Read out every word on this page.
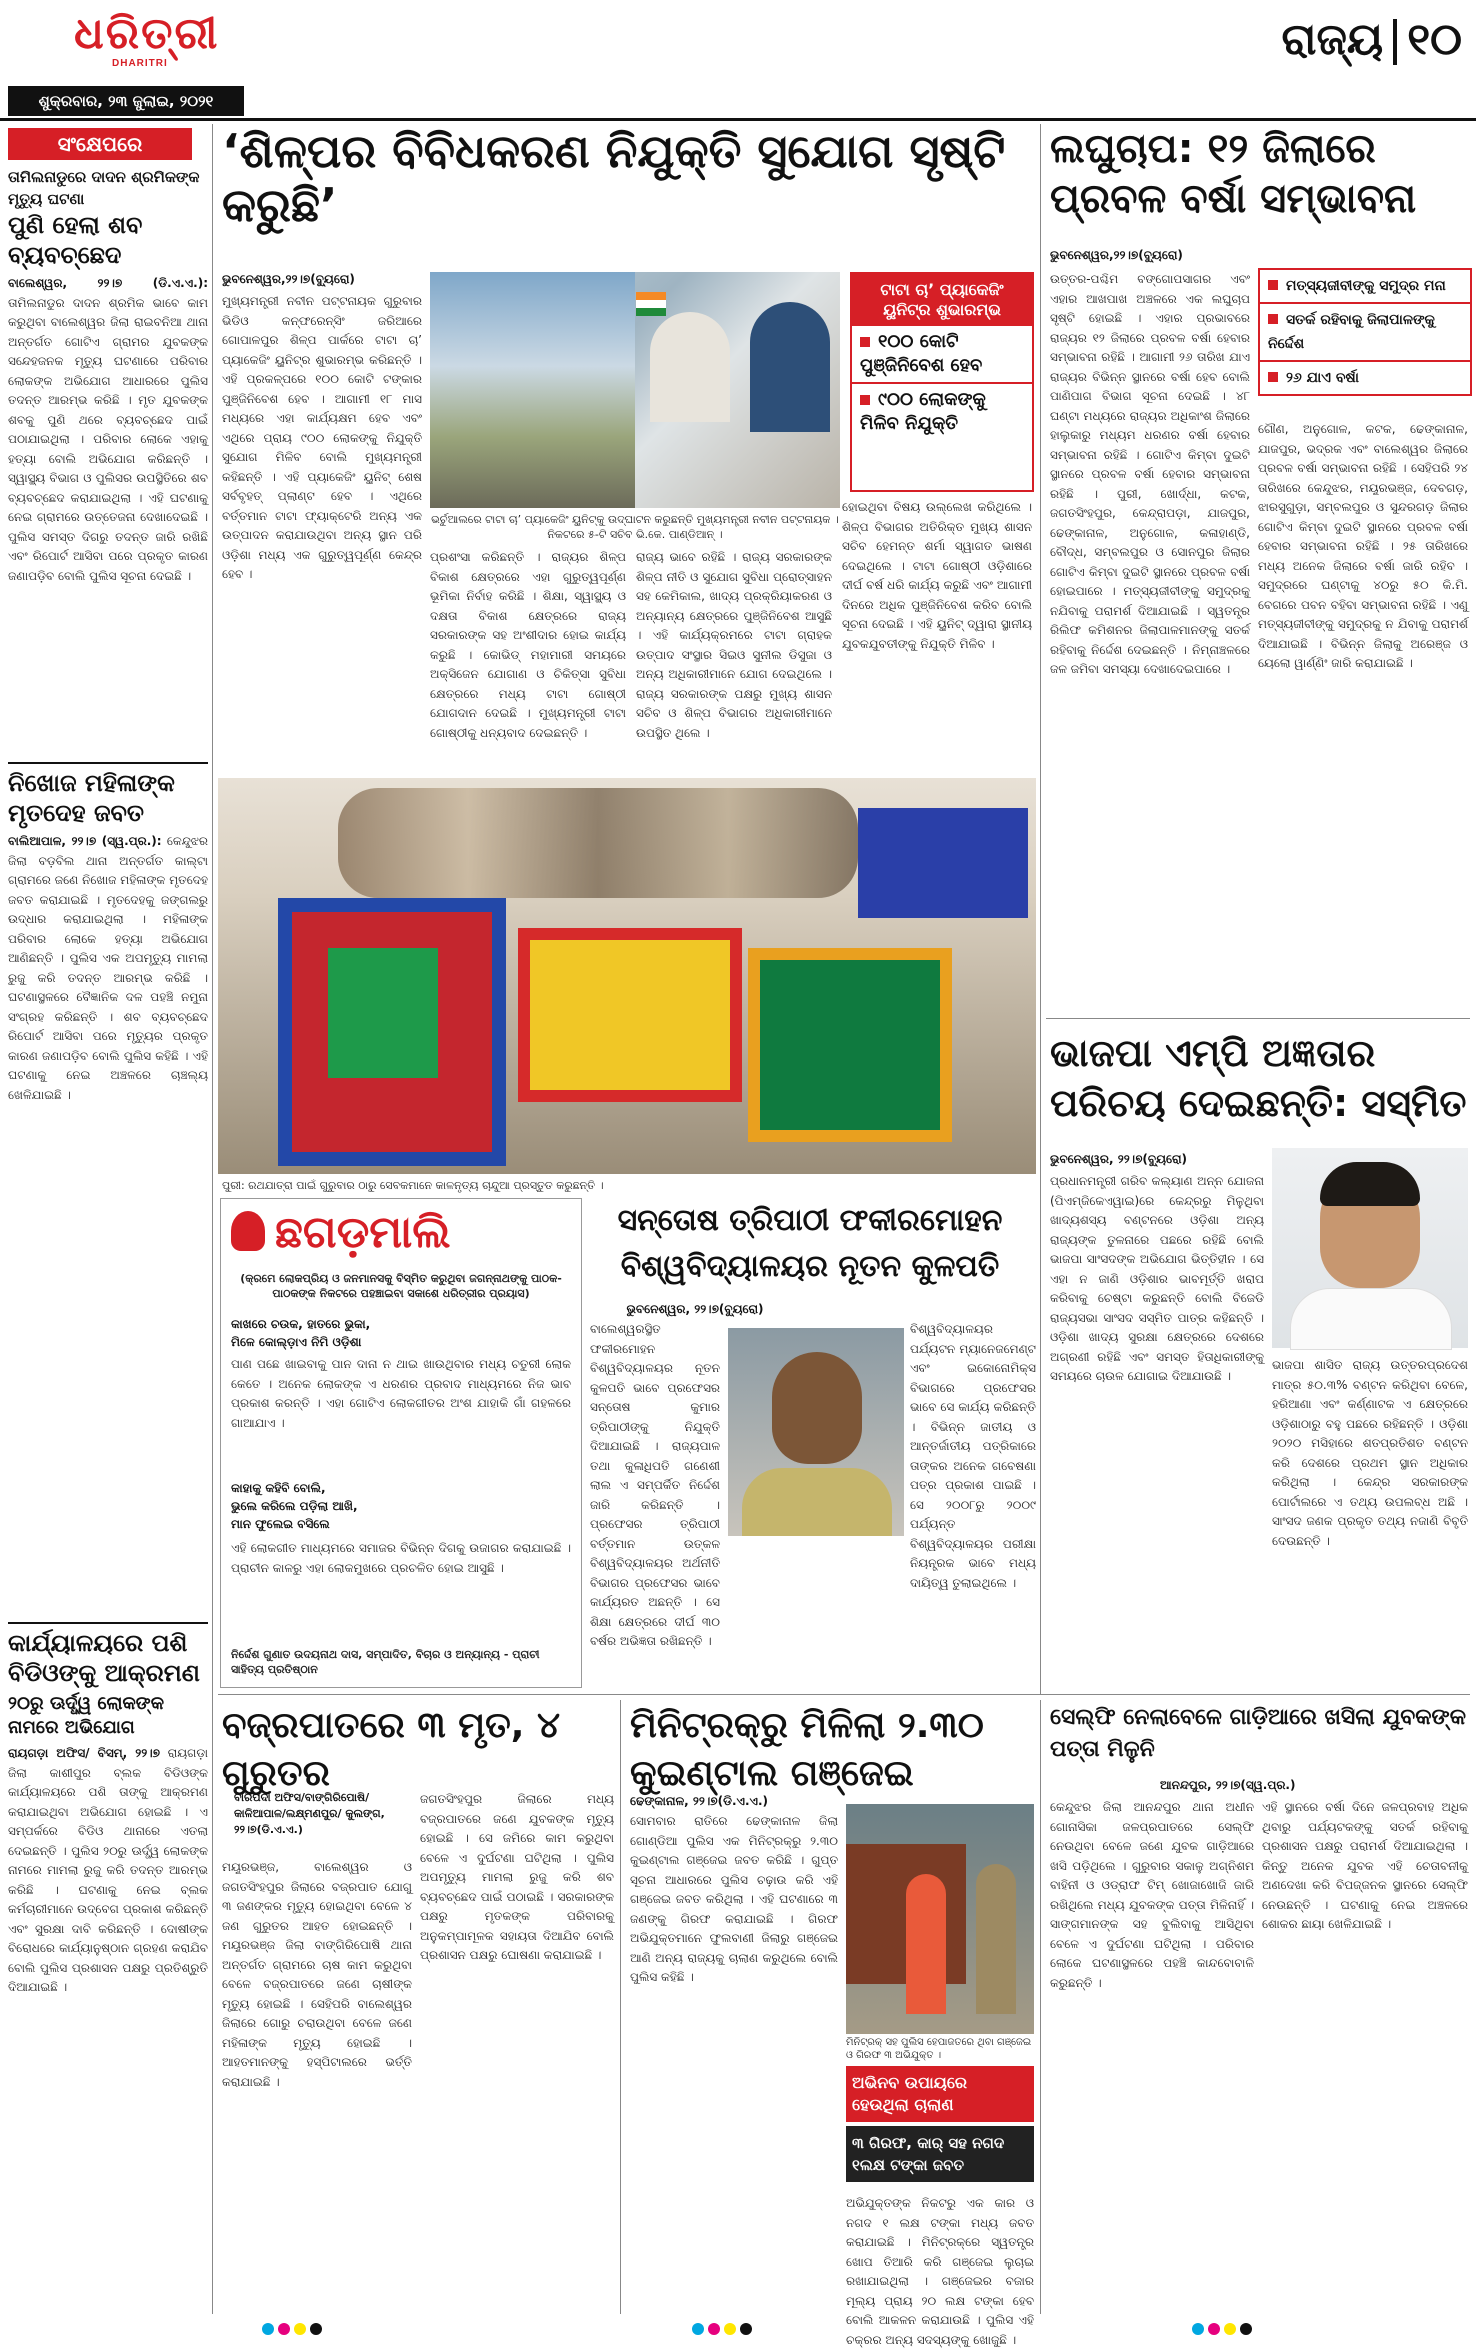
ଧରିତ୍ରୀ
DHARITRI
ଶୁକ୍ରବାର, ୨୩ ଜୁଲାଇ, ୨୦୨୧
ରାଜ୍ୟ ୧୦
ସଂକ୍ଷେପରେ
ତାମିଲନାଡୁରେ ଦାଦନ ଶ୍ରମିକଙ୍କ ମୃତ୍ୟୁ ଘଟଣା
ପୁଣି ହେଲା ଶବ ବ୍ୟବଚ୍ଛେଦ
ବାଲେଶ୍ୱର, ୨୨।୭ (ଡି.ଏ.ଏ.): ତାମିଲନାଡୁର ଦାଦନ ଶ୍ରମିକ ଭାବେ କାମ କରୁଥିବା ବାଲେଶ୍ୱର ଜିଲା ରାଇବନିଆ ଥାନା ଅନ୍ତର୍ଗତ ଗୋଟିଏ ଗ୍ରାମର ଯୁବକଙ୍କ ସନ୍ଦେହଜନକ ମୃତ୍ୟୁ ଘଟଣାରେ ପରିବାର ଲୋକଙ୍କ ଅଭିଯୋଗ ଆଧାରରେ ପୁଲିସ ତଦନ୍ତ ଆରମ୍ଭ କରିଛି । ମୃତ ଯୁବକଙ୍କ ଶବକୁ ପୁଣି ଥରେ ବ୍ୟବଚ୍ଛେଦ ପାଇଁ ପଠାଯାଇଥିଲା । ପରିବାର ଲୋକେ ଏହାକୁ ହତ୍ୟା ବୋଲି ଅଭିଯୋଗ କରିଛନ୍ତି । ସ୍ୱାସ୍ଥ୍ୟ ବିଭାଗ ଓ ପୁଲିସର ଉପସ୍ଥିତିରେ ଶବ ବ୍ୟବଚ୍ଛେଦ କରାଯାଇଥିଲା । ଏହି ଘଟଣାକୁ ନେଇ ଗ୍ରାମରେ ଉତ୍ତେଜନା ଦେଖାଦେଇଛି । ପୁଲିସ ସମସ୍ତ ଦିଗରୁ ତଦନ୍ତ ଜାରି ରଖିଛି ଏବଂ ରିପୋର୍ଟ ଆସିବା ପରେ ପ୍ରକୃତ କାରଣ ଜଣାପଡ଼ିବ ବୋଲି ପୁଲିସ ସୂଚନା ଦେଇଛି ।
ନିଖୋଜ ମହିଳାଙ୍କ ମୃତଦେହ ଜବତ
ବାଲିଆପାଳ, ୨୨।୭ (ସ୍ୱ.ପ୍ର.): କେନ୍ଦୁଝର ଜିଲା ବଡ଼ବିଲ ଥାନା ଅନ୍ତର୍ଗତ କାଲ୍ଟା ଗ୍ରାମରେ ଜଣେ ନିଖୋଜ ମହିଳାଙ୍କ ମୃତଦେହ ଜବତ କରାଯାଇଛି । ମୃତଦେହକୁ ଜଙ୍ଗଲରୁ ଉଦ୍ଧାର କରାଯାଇଥିଲା । ମହିଳାଙ୍କ ପରିବାର ଲୋକେ ହତ୍ୟା ଅଭିଯୋଗ ଆଣିଛନ୍ତି । ପୁଲିସ ଏକ ଅପମୃତ୍ୟୁ ମାମଲା ରୁଜୁ କରି ତଦନ୍ତ ଆରମ୍ଭ କରିଛି । ଘଟଣାସ୍ଥଳରେ ବୈଜ୍ଞାନିକ ଦଳ ପହଞ୍ଚି ନମୁନା ସଂଗ୍ରହ କରିଛନ୍ତି । ଶବ ବ୍ୟବଚ୍ଛେଦ ରିପୋର୍ଟ ଆସିବା ପରେ ମୃତ୍ୟୁର ପ୍ରକୃତ କାରଣ ଜଣାପଡ଼ିବ ବୋଲି ପୁଲିସ କହିଛି । ଏହି ଘଟଣାକୁ ନେଇ ଅଞ୍ଚଳରେ ଚାଞ୍ଚଲ୍ୟ ଖେଳିଯାଇଛି ।
କାର୍ଯ୍ୟାଳୟରେ ପଶି ବିଡିଓଙ୍କୁ ଆକ୍ରମଣ
୨୦ରୁ ଊର୍ଦ୍ଧ୍ୱ ଲୋକଙ୍କ ନାମରେ ଅଭିଯୋଗ
ରାୟଗଡ଼ା ଅଫିସ/ ବିସମ୍, ୨୨।୭ ରାୟଗଡ଼ା ଜିଲା କାଶୀପୁର ବ୍ଲକ ବିଡିଓଙ୍କ କାର୍ଯ୍ୟାଳୟରେ ପଶି ତାଙ୍କୁ ଆକ୍ରମଣ କରାଯାଇଥିବା ଅଭିଯୋଗ ହୋଇଛି । ଏ ସମ୍ପର୍କରେ ବିଡିଓ ଥାନାରେ ଏତଲା ଦେଇଛନ୍ତି । ପୁଲିସ ୨୦ରୁ ଊର୍ଦ୍ଧ୍ୱ ଲୋକଙ୍କ ନାମରେ ମାମଲା ରୁଜୁ କରି ତଦନ୍ତ ଆରମ୍ଭ କରିଛି । ଘଟଣାକୁ ନେଇ ବ୍ଲକ କର୍ମଚାରୀମାନେ ଉଦ୍‌ବେଗ ପ୍ରକାଶ କରିଛନ୍ତି ଏବଂ ସୁରକ୍ଷା ଦାବି କରିଛନ୍ତି । ଦୋଷୀଙ୍କ ବିରୋଧରେ କାର୍ଯ୍ୟାନୁଷ୍ଠାନ ଗ୍ରହଣ କରାଯିବ ବୋଲି ପୁଲିସ ପ୍ରଶାସନ ପକ୍ଷରୁ ପ୍ରତିଶ୍ରୁତି ଦିଆଯାଇଛି ।
‘ଶିଳ୍ପର ବିବିଧକରଣ ନିଯୁକ୍ତି ସୁଯୋଗ ସୃଷ୍ଟି କରୁଛି’
ଭୁବନେଶ୍ୱର,୨୨।୭(ବ୍ୟୁରୋ)
ଭର୍ଚୁଆଲରେ ଟାଟା ଚା’ ପ୍ୟାକେଜିଂ ୟୁନିଟ୍‌କୁ ଉଦ୍‌ଘାଟନ କରୁଛନ୍ତି ମୁଖ୍ୟମନ୍ତ୍ରୀ ନବୀନ ପଟ୍ଟନାୟକ । ନିକଟରେ ୫-ଟି ସଚିବ ଭି.କେ. ପାଣ୍ଡିଆନ୍ ।
ଟାଟା ଚା’ ପ୍ୟାକେଜିଂ ୟୁନିଟ୍‌ର ଶୁଭାରମ୍ଭ
୧୦୦ କୋଟି ପୁଞ୍ଜିନିବେଶ ହେବ
୯୦୦ ଲୋକଙ୍କୁ ମିଳିବ ନିଯୁକ୍ତି
ମୁଖ୍ୟମନ୍ତ୍ରୀ ନବୀନ ପଟ୍ଟନାୟକ ଗୁରୁବାର ଭିଡିଓ କନ୍‌ଫରେନ୍ସିଂ ଜରିଆରେ ଗୋପାଳପୁର ଶିଳ୍ପ ପାର୍କରେ ଟାଟା ଚା’ ପ୍ୟାକେଜିଂ ୟୁନିଟ୍‌ର ଶୁଭାରମ୍ଭ କରିଛନ୍ତି । ଏହି ପ୍ରକଳ୍ପରେ ୧୦୦ କୋଟି ଟଙ୍କାର ପୁଞ୍ଜିନିବେଶ ହେବ । ଆଗାମୀ ୧୮ ମାସ ମଧ୍ୟରେ ଏହା କାର୍ଯ୍ୟକ୍ଷମ ହେବ ଏବଂ ଏଥିରେ ପ୍ରାୟ ୯୦୦ ଲୋକଙ୍କୁ ନିଯୁକ୍ତି ସୁଯୋଗ ମିଳିବ ବୋଲି ମୁଖ୍ୟମନ୍ତ୍ରୀ କହିଛନ୍ତି । ଏହି ପ୍ୟାକେଜିଂ ୟୁନିଟ୍ ଶେଷ ସର୍ବବୃହତ୍ ପ୍ଲାଣ୍ଟ ହେବ । ଏଥିରେ ବର୍ତ୍ତମାନ ଟାଟା ଫ୍ୟାକ୍ଟେରି ଅନ୍ୟ ଏକ ଉତ୍ପାଦନ କରାଯାଉଥିବା ଅନ୍ୟ ସ୍ଥାନ ପରି ଓଡ଼ିଶା ମଧ୍ୟ ଏକ ଗୁରୁତ୍ୱପୂର୍ଣ୍ଣ କେନ୍ଦ୍ର ହେବ ।
ପ୍ରଶଂସା କରିଛନ୍ତି । ରାଜ୍ୟର ଶିଳ୍ପ ବିକାଶ କ୍ଷେତ୍ରରେ ଏହା ଗୁରୁତ୍ୱପୂର୍ଣ୍ଣ ଭୂମିକା ନିର୍ବାହ କରିଛି । ଶିକ୍ଷା, ସ୍ୱାସ୍ଥ୍ୟ ଓ ଦକ୍ଷତା ବିକାଶ କ୍ଷେତ୍ରରେ ରାଜ୍ୟ ସରକାରଙ୍କ ସହ ଅଂଶୀଦାର ହୋଇ କାର୍ଯ୍ୟ କରୁଛି । କୋଭିଡ୍ ମହାମାରୀ ସମୟରେ ଅକ୍ସିଜେନ ଯୋଗାଣ ଓ ଚିକିତ୍ସା ସୁବିଧା କ୍ଷେତ୍ରରେ ମଧ୍ୟ ଟାଟା ଗୋଷ୍ଠୀ ଯୋଗଦାନ ଦେଇଛି । ମୁଖ୍ୟମନ୍ତ୍ରୀ ଟାଟା ଗୋଷ୍ଠୀକୁ ଧନ୍ୟବାଦ ଦେଇଛନ୍ତି ।
ରାଜ୍ୟ ଭାବେ ରହିଛି । ରାଜ୍ୟ ସରକାରଙ୍କ ଶିଳ୍ପ ନୀତି ଓ ସୁଯୋଗ ସୁବିଧା ପ୍ରୋତ୍ସାହନ ସହ କେମିକାଲ, ଖାଦ୍ୟ ପ୍ରକ୍ରିୟାକରଣ ଓ ଅନ୍ୟାନ୍ୟ କ୍ଷେତ୍ରରେ ପୁଞ୍ଜିନିବେଶ ଆସୁଛି । ଏହି କାର୍ଯ୍ୟକ୍ରମରେ ଟାଟା ଗ୍ରାହକ ଉତ୍ପାଦ ସଂସ୍ଥାର ସିଇଓ ସୁନୀଲ ଡିସୁଜା ଓ ଅନ୍ୟ ଅଧିକାରୀମାନେ ଯୋଗ ଦେଇଥିଲେ । ରାଜ୍ୟ ସରକାରଙ୍କ ପକ୍ଷରୁ ମୁଖ୍ୟ ଶାସନ ସଚିବ ଓ ଶିଳ୍ପ ବିଭାଗର ଅଧିକାରୀମାନେ ଉପସ୍ଥିତ ଥିଲେ ।
ହୋଇଥିବା ବିଷୟ ଉଲ୍ଲେଖ କରିଥିଲେ । ଶିଳ୍ପ ବିଭାଗର ଅତିରିକ୍ତ ମୁଖ୍ୟ ଶାସନ ସଚିବ ହେମନ୍ତ ଶର୍ମା ସ୍ୱାଗତ ଭାଷଣ ଦେଇଥିଲେ । ଟାଟା ଗୋଷ୍ଠୀ ଓଡ଼ିଶାରେ ଦୀର୍ଘ ବର୍ଷ ଧରି କାର୍ଯ୍ୟ କରୁଛି ଏବଂ ଆଗାମୀ ଦିନରେ ଅଧିକ ପୁଞ୍ଜିନିବେଶ କରିବ ବୋଲି ସୂଚନା ଦେଇଛି । ଏହି ୟୁନିଟ୍ ଦ୍ୱାରା ସ୍ଥାନୀୟ ଯୁବକଯୁବତୀଙ୍କୁ ନିଯୁକ୍ତି ମିଳିବ ।
ପୁରୀ: ରଥଯାତ୍ରା ପାଇଁ ଗୁରୁବାର ଠାରୁ ସେବକମାନେ କାଳନୃତ୍ୟ ଚାନ୍ଦୁଆ ପ୍ରସ୍ତୁତ କରୁଛନ୍ତି ।
ଲଘୁଚାପ: ୧୨ ଜିଲାରେ ପ୍ରବଳ ବର୍ଷା ସମ୍ଭାବନା
ଭୁବନେଶ୍ୱର,୨୨।୭(ବ୍ୟୁରୋ)
ମତ୍ସ୍ୟଜୀବୀଙ୍କୁ ସମୁଦ୍ର ମନା
ସତର୍କ ରହିବାକୁ ଜିଲାପାଳଙ୍କୁ ନିର୍ଦ୍ଦେଶ
୨୬ ଯାଏ ବର୍ଷା
ଉତ୍ତର-ପଶ୍ଚିମ ବଙ୍ଗୋପସାଗର ଏବଂ ଏହାର ଆଖପାଖ ଅଞ୍ଚଳରେ ଏକ ଲଘୁଚାପ ସୃଷ୍ଟି ହୋଇଛି । ଏହାର ପ୍ରଭାବରେ ରାଜ୍ୟର ୧୨ ଜିଲାରେ ପ୍ରବଳ ବର୍ଷା ହେବାର ସମ୍ଭାବନା ରହିଛି । ଆଗାମୀ ୨୬ ତାରିଖ ଯାଏ ରାଜ୍ୟର ବିଭିନ୍ନ ସ୍ଥାନରେ ବର୍ଷା ହେବ ବୋଲି ପାଣିପାଗ ବିଭାଗ ସୂଚନା ଦେଇଛି । ୪୮ ଘଣ୍ଟା ମଧ୍ୟରେ ରାଜ୍ୟର ଅଧିକାଂଶ ଜିଲାରେ ହାଲୁକାରୁ ମଧ୍ୟମ ଧରଣର ବର୍ଷା ହେବାର ସମ୍ଭାବନା ରହିଛି । ଗୋଟିଏ କିମ୍ବା ଦୁଇଟି ସ୍ଥାନରେ ପ୍ରବଳ ବର୍ଷା ହେବାର ସମ୍ଭାବନା ରହିଛି । ପୁରୀ, ଖୋର୍ଦ୍ଧା, କଟକ, ଜଗତସିଂହପୁର, କେନ୍ଦ୍ରାପଡ଼ା, ଯାଜପୁର, ଢେଙ୍କାନାଳ, ଅନୁଗୋଳ, କଳାହାଣ୍ଡି, ବୌଦ୍ଧ, ସମ୍ବଲପୁର ଓ ସୋନପୁର ଜିଲାର ଗୋଟିଏ କିମ୍ବା ଦୁଇଟି ସ୍ଥାନରେ ପ୍ରବଳ ବର୍ଷା ହୋଇପାରେ । ମତ୍ସ୍ୟଜୀବୀଙ୍କୁ ସମୁଦ୍ରକୁ ନଯିବାକୁ ପରାମର୍ଶ ଦିଆଯାଇଛି । ସ୍ୱତନ୍ତ୍ର ରିଲିଫ କମିଶନର ଜିଲାପାଳମାନଙ୍କୁ ସତର୍କ ରହିବାକୁ ନିର୍ଦ୍ଦେଶ ଦେଇଛନ୍ତି । ନିମ୍ନାଞ୍ଚଳରେ ଜଳ ଜମିବା ସମସ୍ୟା ଦେଖାଦେଇପାରେ ।
ଗୌଣ, ଅନୁଗୋଳ, କଟକ, ଢେଙ୍କାନାଳ, ଯାଜପୁର, ଭଦ୍ରକ ଏବଂ ବାଲେଶ୍ୱର ଜିଲାରେ ପ୍ରବଳ ବର୍ଷା ସମ୍ଭାବନା ରହିଛି । ସେହିପରି ୨୪ ତାରିଖରେ କେନ୍ଦୁଝର, ମୟୂରଭଞ୍ଜ, ଦେବଗଡ଼, ଝାରସୁଗୁଡ଼ା, ସମ୍ବଲପୁର ଓ ସୁନ୍ଦରଗଡ଼ ଜିଲାର ଗୋଟିଏ କିମ୍ବା ଦୁଇଟି ସ୍ଥାନରେ ପ୍ରବଳ ବର୍ଷା ହେବାର ସମ୍ଭାବନା ରହିଛି । ୨୫ ତାରିଖରେ ମଧ୍ୟ ଅନେକ ଜିଲାରେ ବର୍ଷା ଜାରି ରହିବ । ସମୁଦ୍ରରେ ଘଣ୍ଟାକୁ ୪୦ରୁ ୫୦ କି.ମି. ବେଗରେ ପବନ ବହିବା ସମ୍ଭାବନା ରହିଛି । ଏଣୁ ମତ୍ସ୍ୟଜୀବୀଙ୍କୁ ସମୁଦ୍ରକୁ ନ ଯିବାକୁ ପରାମର୍ଶ ଦିଆଯାଇଛି । ବିଭିନ୍ନ ଜିଲାକୁ ଅରେଞ୍ଜ ଓ ୟେଲୋ ୱାର୍ଣ୍ଣିଂ ଜାରି କରାଯାଇଛି ।
ଭାଜପା ଏମ୍ପି ଅଜ୍ଞତାର ପରିଚୟ ଦେଇଛନ୍ତି: ସସ୍ମିତ
ଭୁବନେଶ୍ୱର, ୨୨।୭(ବ୍ୟୁରୋ)
ପ୍ରଧାନମନ୍ତ୍ରୀ ଗରିବ କଲ୍ୟାଣ ଅନ୍ନ ଯୋଜନା (ପିଏମ୍‌ଜିକେଏୱାଇ)ରେ କେନ୍ଦ୍ରରୁ ମିଳୁଥିବା ଖାଦ୍ୟଶସ୍ୟ ବଣ୍ଟନରେ ଓଡ଼ିଶା ଅନ୍ୟ ରାଜ୍ୟଙ୍କ ତୁଳନାରେ ପଛରେ ରହିଛି ବୋଲି ଭାଜପା ସାଂସଦଙ୍କ ଅଭିଯୋଗ ଭିତ୍ତିହୀନ । ସେ ଏହା ନ ଜାଣି ଓଡ଼ିଶାର ଭାବମୂର୍ତ୍ତି ଖରାପ କରିବାକୁ ଚେଷ୍ଟା କରୁଛନ୍ତି ବୋଲି ବିଜେଡି ରାଜ୍ୟସଭା ସାଂସଦ ସସ୍ମିତ ପାତ୍ର କହିଛନ୍ତି । ଓଡ଼ିଶା ଖାଦ୍ୟ ସୁରକ୍ଷା କ୍ଷେତ୍ରରେ ଦେଶରେ ଅଗ୍ରଣୀ ରହିଛି ଏବଂ ସମସ୍ତ ହିତାଧିକାରୀଙ୍କୁ ସମୟରେ ଚାଉଳ ଯୋଗାଇ ଦିଆଯାଉଛି ।
ଭାଜପା ଶାସିତ ରାଜ୍ୟ ଉତ୍ତରପ୍ରଦେଶ ମାତ୍ର ୫୦.୩% ବଣ୍ଟନ କରିଥିବା ବେଳେ, ହରିଆଣା ଏବଂ କର୍ଣ୍ଣାଟକ ଏ କ୍ଷେତ୍ରରେ ଓଡ଼ିଶାଠାରୁ ବହୁ ପଛରେ ରହିଛନ୍ତି । ଓଡ଼ିଶା ୨୦୨୦ ମସିହାରେ ଶତପ୍ରତିଶତ ବଣ୍ଟନ କରି ଦେଶରେ ପ୍ରଥମ ସ୍ଥାନ ଅଧିକାର କରିଥିଲା । କେନ୍ଦ୍ର ସରକାରଙ୍କ ପୋର୍ଟାଲରେ ଏ ତଥ୍ୟ ଉପଲବ୍ଧ ଅଛି । ସାଂସଦ ଜଣକ ପ୍ରକୃତ ତଥ୍ୟ ନଜାଣି ବିବୃତି ଦେଉଛନ୍ତି ।
ଛଗଡ଼ମାଲି
(କ୍ରମେ ଲୋକପ୍ରିୟ ଓ ଜନମାନସକୁ ବିସ୍ମିତ କରୁଥିବା ଜଗନ୍ନାଥଙ୍କୁ ପାଠକ-ପାଠକଙ୍କ ନିକଟରେ ପହଞ୍ଚାଇବା ସକାଶେ ଧରିତ୍ରୀର ପ୍ରୟାସ)
କାଖରେ ଚଉକ, ହାତରେ ଭୁକା,
ମିଳେ କୋଲ୍ଡ଼ାଏ ନିମି ଓଡ଼ିଶା
ପାଣ ପଛେ ଖାଇବାକୁ ପାନ ଦାନା ନ ଥାଇ ଖାଉଥିବାର ମଧ୍ୟ ଚତୁରୀ ଲୋକ କେତେ । ଅନେକ ଲୋକଙ୍କ ଏ ଧରଣର ପ୍ରବାଦ ମାଧ୍ୟମରେ ନିଜ ଭାବ ପ୍ରକାଶ କରନ୍ତି । ଏହା ଗୋଟିଏ ଲୋକଗୀତର ଅଂଶ ଯାହାକି ଗାଁ ଗହଳରେ ଗାଆଯାଏ ।
କାହାକୁ କହିବି ବୋଲି,
ଭୁଲେ କରିଲେ ପଡ଼ିଲା ଆଖି,
ମାନ ଫୁଲେଇ ବସିଲେ
ଏହି ଲୋକଗୀତ ମାଧ୍ୟମରେ ସମାଜର ବିଭିନ୍ନ ଦିଗକୁ ଉଜାଗର କରାଯାଇଛି । ପ୍ରାଚୀନ କାଳରୁ ଏହା ଲୋକମୁଖରେ ପ୍ରଚଳିତ ହୋଇ ଆସୁଛି ।
ନିର୍ଦ୍ଦେଶ ଗୁଣାତ ଉଦୟନାଥ ଦାସ, ସମ୍ପାଦିତ, ବିଚାର ଓ ଅନ୍ୟାନ୍ୟ - ପ୍ରାଚୀ ସାହିତ୍ୟ ପ୍ରତିଷ୍ଠାନ
ସନ୍ତୋଷ ତ୍ରିପାଠୀ ଫକୀରମୋହନ ବିଶ୍ୱବିଦ୍ୟାଳୟର ନୂତନ କୁଳପତି
ଭୁବନେଶ୍ୱର, ୨୨।୭(ବ୍ୟୁରୋ)
ବାଲେଶ୍ୱରସ୍ଥିତ ଫକୀରମୋହନ ବିଶ୍ୱବିଦ୍ୟାଳୟର ନୂତନ କୁଳପତି ଭାବେ ପ୍ରଫେସର ସନ୍ତୋଷ କୁମାର ତ୍ରିପାଠୀଙ୍କୁ ନିଯୁକ୍ତି ଦିଆଯାଇଛି । ରାଜ୍ୟପାଳ ତଥା କୁଳାଧିପତି ଗଣେଶୀ ଲାଲ ଏ ସମ୍ପର୍କିତ ନିର୍ଦ୍ଦେଶ ଜାରି କରିଛନ୍ତି । ପ୍ରଫେସର ତ୍ରିପାଠୀ ବର୍ତ୍ତମାନ ଉତ୍କଳ ବିଶ୍ୱବିଦ୍ୟାଳୟର ଅର୍ଥନୀତି ବିଭାଗର ପ୍ରଫେସର ଭାବେ କାର୍ଯ୍ୟରତ ଅଛନ୍ତି । ସେ ଶିକ୍ଷା କ୍ଷେତ୍ରରେ ଦୀର୍ଘ ୩୦ ବର୍ଷର ଅଭିଜ୍ଞତା ରଖିଛନ୍ତି ।
ବିଶ୍ୱବିଦ୍ୟାଳୟର ପର୍ଯ୍ୟଟନ ମ୍ୟାନେଜମେଣ୍ଟ ଏବଂ ଇକୋନୋମିକ୍‌ସ ବିଭାଗରେ ପ୍ରଫେସର ଭାବେ ସେ କାର୍ଯ୍ୟ କରିଛନ୍ତି । ବିଭିନ୍ନ ଜାତୀୟ ଓ ଆନ୍ତର୍ଜାତୀୟ ପତ୍ରିକାରେ ତାଙ୍କର ଅନେକ ଗବେଷଣା ପତ୍ର ପ୍ରକାଶ ପାଇଛି । ସେ ୨୦୦୮ରୁ ୨୦୦୯ ପର୍ଯ୍ୟନ୍ତ ବିଶ୍ୱବିଦ୍ୟାଳୟର ପରୀକ୍ଷା ନିୟନ୍ତ୍ରକ ଭାବେ ମଧ୍ୟ ଦାୟିତ୍ୱ ତୁଲାଇଥିଲେ ।
ବଜ୍ରପାତରେ ୩ ମୃତ, ୪ ଗୁରୁତର
ବାରିପଦା ଅଫିସ/ବାଙ୍ଗିରିପୋଷି/ କାଳିଆପାଳ/ଲକ୍ଷ୍ମଣପୁର/ କୁଲଙ୍ଗ, ୨୨।୭(ଡି.ଏ.ଏ.)
ମୟୂରଭଞ୍ଜ, ବାଲେଶ୍ୱର ଓ ଜଗତସିଂହପୁର ଜିଲାରେ ବଜ୍ରପାତ ଯୋଗୁ ୩ ଜଣଙ୍କର ମୃତ୍ୟୁ ହୋଇଥିବା ବେଳେ ୪ ଜଣ ଗୁରୁତର ଆହତ ହୋଇଛନ୍ତି । ମୟୂରଭଞ୍ଜ ଜିଲା ବାଙ୍ଗିରିପୋଷି ଥାନା ଅନ୍ତର୍ଗତ ଗ୍ରାମରେ ଚାଷ କାମ କରୁଥିବା ବେଳେ ବଜ୍ରପାତରେ ଜଣେ ଚାଷୀଙ୍କ ମୃତ୍ୟୁ ହୋଇଛି । ସେହିପରି ବାଲେଶ୍ୱର ଜିଲାରେ ଗୋରୁ ଚରାଉଥିବା ବେଳେ ଜଣେ ମହିଳାଙ୍କ ମୃତ୍ୟୁ ହୋଇଛି । ଆହତମାନଙ୍କୁ ହସ୍ପିଟାଲରେ ଭର୍ତ୍ତି କରାଯାଇଛି ।
ଜଗତସିଂହପୁର ଜିଲାରେ ମଧ୍ୟ ବଜ୍ରପାତରେ ଜଣେ ଯୁବକଙ୍କ ମୃତ୍ୟୁ ହୋଇଛି । ସେ ଜମିରେ କାମ କରୁଥିବା ବେଳେ ଏ ଦୁର୍ଘଟଣା ଘଟିଥିଲା । ପୁଲିସ ଅପମୃତ୍ୟୁ ମାମଲା ରୁଜୁ କରି ଶବ ବ୍ୟବଚ୍ଛେଦ ପାଇଁ ପଠାଇଛି । ସରକାରଙ୍କ ପକ୍ଷରୁ ମୃତକଙ୍କ ପରିବାରକୁ ଅନୁକମ୍ପାମୂଳକ ସହାୟତା ଦିଆଯିବ ବୋଲି ପ୍ରଶାସନ ପକ୍ଷରୁ ଘୋଷଣା କରାଯାଇଛି ।
ମିନିଟ୍ରକ୍‌ରୁ ମିଳିଲା ୨.୩୦ କୁଇଣ୍ଟାଲ ଗଞ୍ଜେଇ
ଢେଙ୍କାନାଳ, ୨୨।୭(ଡି.ଏ.ଏ.)
ସୋମବାର ରାତିରେ ଢେଙ୍କାନାଳ ଜିଲା ଗୋଣ୍ଡିଆ ପୁଲିସ ଏକ ମିନିଟ୍ରକ୍‌ରୁ ୨.୩୦ କୁଇଣ୍ଟାଲ ଗଞ୍ଜେଇ ଜବତ କରିଛି । ଗୁପ୍ତ ସୂଚନା ଆଧାରରେ ପୁଲିସ ଚଢ଼ାଉ କରି ଏହି ଗଞ୍ଜେଇ ଜବତ କରିଥିଲା । ଏହି ଘଟଣାରେ ୩ ଜଣଙ୍କୁ ଗିରଫ କରାଯାଇଛି । ଗିରଫ ଅଭିଯୁକ୍ତମାନେ ଫୁଲବାଣୀ ଜିଲାରୁ ଗଞ୍ଜେଇ ଆଣି ଅନ୍ୟ ରାଜ୍ୟକୁ ଚାଲାଣ କରୁଥିଲେ ବୋଲି ପୁଲିସ କହିଛି ।
ମିନିଟ୍ରକ୍ ସହ ପୁଲିସ ହେପାଜତରେ ଥିବା ଗଞ୍ଜେଇ ଓ ଗିରଫ ୩ ଅଭିଯୁକ୍ତ ।
ଅଭିନବ ଉପାୟରେ ହେଉଥିଲା ଚାଲାଣ
୩ ଗିରଫ, କାର୍ ସହ ନଗଦ ୧ଲକ୍ଷ ଟଙ୍କା ଜବତ
ଅଭିଯୁକ୍ତଙ୍କ ନିକଟରୁ ଏକ କାର ଓ ନଗଦ ୧ ଲକ୍ଷ ଟଙ୍କା ମଧ୍ୟ ଜବତ କରାଯାଇଛି । ମିନିଟ୍ରକ୍‌ରେ ସ୍ୱତନ୍ତ୍ର ଖୋପ ତିଆରି କରି ଗଞ୍ଜେଇ ଲୁଚାଇ ରଖାଯାଇଥିଲା । ଗଞ୍ଜେଇର ବଜାର ମୂଲ୍ୟ ପ୍ରାୟ ୨୦ ଲକ୍ଷ ଟଙ୍କା ହେବ ବୋଲି ଆକଳନ କରାଯାଉଛି । ପୁଲିସ ଏହି ଚକ୍ରର ଅନ୍ୟ ସଦସ୍ୟଙ୍କୁ ଖୋଜୁଛି ।
ସେଲ୍ଫି ନେଲାବେଳେ ଗାଡ଼ିଆରେ ଖସିଲା ଯୁବକଙ୍କ ପତ୍ତା ମିଳୁନି
ଆନନ୍ଦପୁର, ୨୨।୭(ସ୍ୱ.ପ୍ର.)
କେନ୍ଦୁଝର ଜିଲା ଆନନ୍ଦପୁର ଥାନା ଅଧୀନ ଗୋନାସିକା ଜଳପ୍ରପାତରେ ସେଲ୍ଫି ନେଉଥିବା ବେଳେ ଜଣେ ଯୁବକ ଗାଡ଼ିଆରେ ଖସି ପଡ଼ିଥିଲେ । ଗୁରୁବାର ସକାଳୁ ଅଗ୍ନିଶମ ବାହିନୀ ଓ ଓଡ୍ରାଫ ଟିମ୍ ଖୋଜାଖୋଜି ଜାରି ରଖିଥିଲେ ମଧ୍ୟ ଯୁବକଙ୍କ ପତ୍ତା ମିଳିନାହିଁ । ସାଙ୍ଗମାନଙ୍କ ସହ ବୁଲିବାକୁ ଆସିଥିବା ବେଳେ ଏ ଦୁର୍ଘଟଣା ଘଟିଥିଲା । ପରିବାର ଲୋକେ ଘଟଣାସ୍ଥଳରେ ପହଞ୍ଚି କାନ୍ଦବୋବାଳି କରୁଛନ୍ତି ।
ଏହି ସ୍ଥାନରେ ବର୍ଷା ଦିନେ ଜଳପ୍ରବାହ ଅଧିକ ଥିବାରୁ ପର୍ଯ୍ୟଟକଙ୍କୁ ସତର୍କ ରହିବାକୁ ପ୍ରଶାସନ ପକ୍ଷରୁ ପରାମର୍ଶ ଦିଆଯାଇଥିଲା । କିନ୍ତୁ ଅନେକ ଯୁବକ ଏହି ଚେତାବନୀକୁ ଅଣଦେଖା କରି ବିପଜ୍ଜନକ ସ୍ଥାନରେ ସେଲ୍ଫି ନେଉଛନ୍ତି । ଘଟଣାକୁ ନେଇ ଅଞ୍ଚଳରେ ଶୋକର ଛାୟା ଖେଳିଯାଇଛି ।
